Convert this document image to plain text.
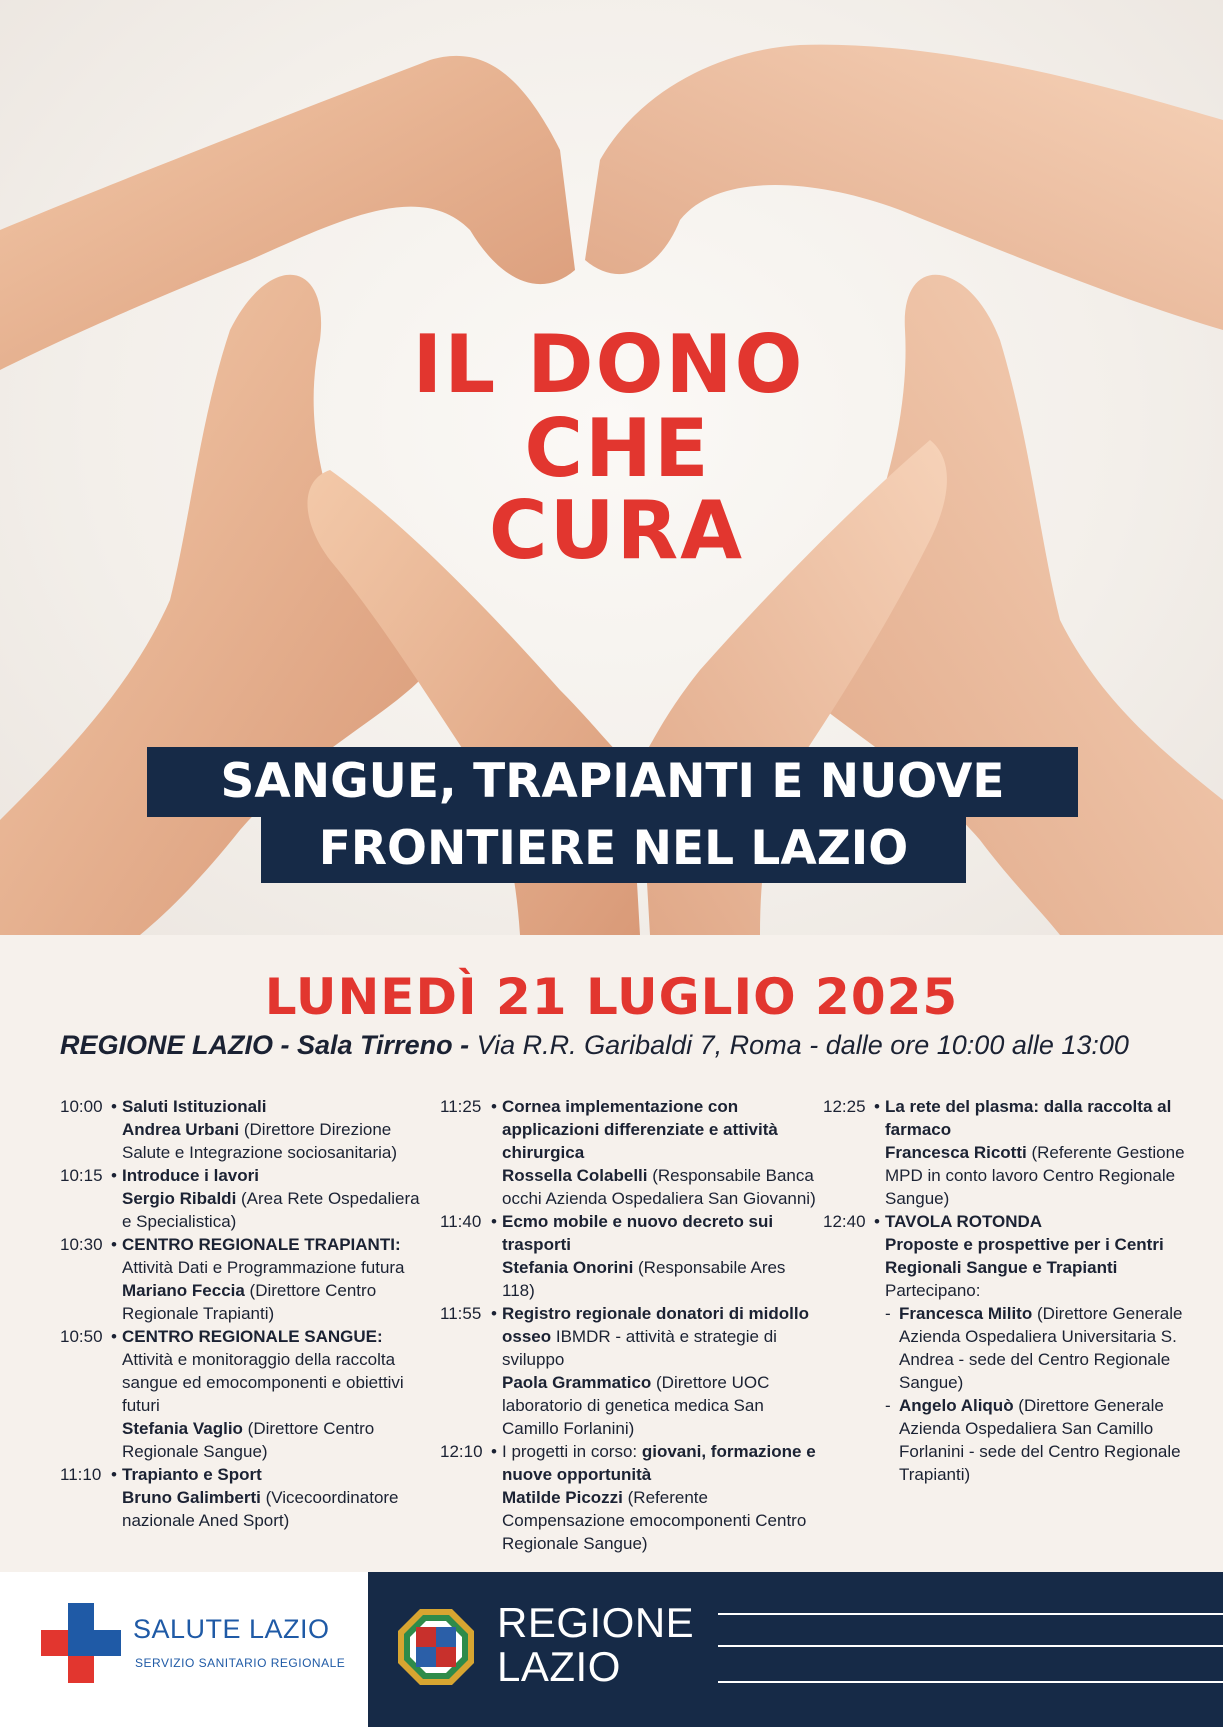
IL DONO
CHE
CURA
SANGUE, TRAPIANTI E NUOVE
FRONTIERE NEL LAZIO
LUNEDÌ 21 LUGLIO 2025
REGIONE LAZIO - Sala Tirreno - Via R.R. Garibaldi 7, Roma - dalle ore 10:00 alle 13:00
10:00 • Saluti Istituzionali
Andrea Urbani (Direttore Direzione Salute e Integrazione sociosanitaria)
10:15 • Introduce i lavori
Sergio Ribaldi (Area Rete Ospedaliera e Specialistica)
10:30 • CENTRO REGIONALE TRAPIANTI:
Attività Dati e Programmazione futura
Mariano Feccia (Direttore Centro Regionale Trapianti)
10:50 • CENTRO REGIONALE SANGUE:
Attività e monitoraggio della raccolta sangue ed emocomponenti e obiettivi futuri
Stefania Vaglio (Direttore Centro Regionale Sangue)
11:10 • Trapianto e Sport
Bruno Galimberti (Vicecoordinatore nazionale Aned Sport)
11:25 • Cornea implementazione con applicazioni differenziate e attività chirurgica
Rossella Colabelli (Responsabile Banca occhi Azienda Ospedaliera San Giovanni)
11:40 • Ecmo mobile e nuovo decreto sui trasporti
Stefania Onorini (Responsabile Ares 118)
11:55 • Registro regionale donatori di midollo osseo IBMDR - attività e strategie di sviluppo
Paola Grammatico (Direttore UOC laboratorio di genetica medica San Camillo Forlanini)
12:10 • I progetti in corso: giovani, formazione e nuove opportunità
Matilde Picozzi (Referente Compensazione emocomponenti Centro Regionale Sangue)
12:25 • La rete del plasma: dalla raccolta al farmaco
Francesca Ricotti (Referente Gestione MPD in conto lavoro Centro Regionale Sangue)
12:40 • TAVOLA ROTONDA
Proposte e prospettive per i Centri Regionali Sangue e Trapianti
Partecipano:
- Francesca Milito (Direttore Generale Azienda Ospedaliera Universitaria S. Andrea - sede del Centro Regionale Sangue)
- Angelo Aliquò (Direttore Generale Azienda Ospedaliera San Camillo Forlanini - sede del Centro Regionale Trapianti)
SALUTE LAZIO
SERVIZIO SANITARIO REGIONALE
REGIONE
LAZIO
